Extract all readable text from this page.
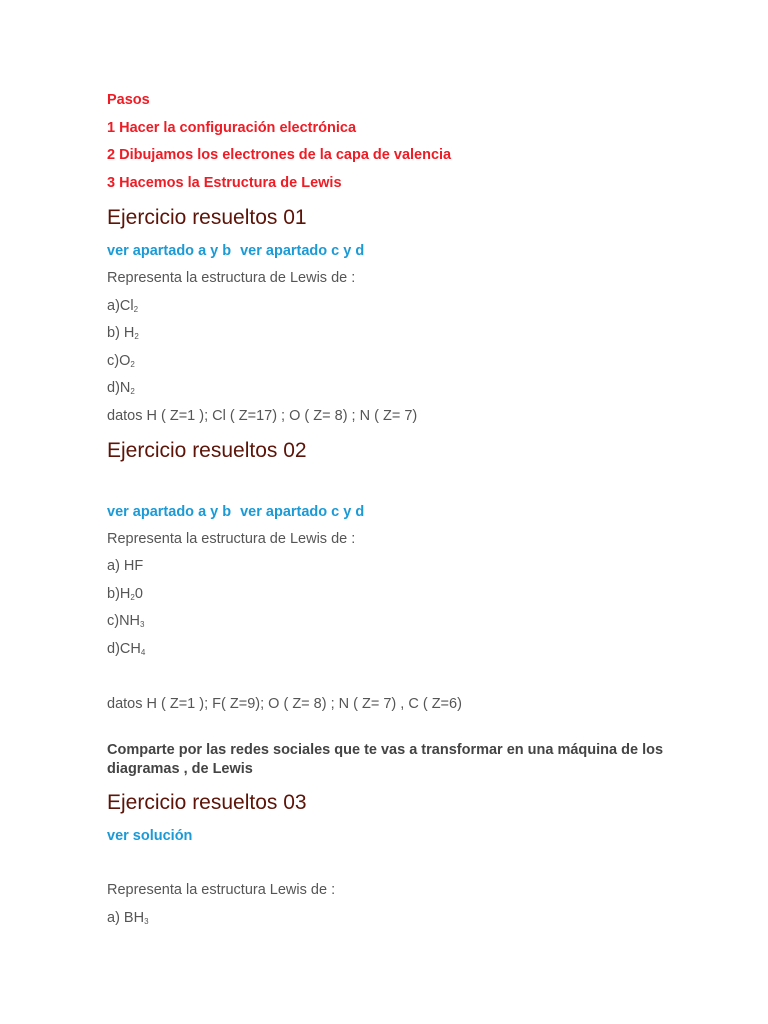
Pasos
1 Hacer la configuración electrónica
2 Dibujamos los electrones de la capa de valencia
3 Hacemos la Estructura de Lewis
Ejercicio resueltos 01
ver apartado a y b ver apartado c y d
Representa la estructura de Lewis de :
$a)Cl_2$
b) $H_2$
$c)O_2$
$d)N_2$
datos H ( Z=1 ); Cl ( Z=17) ; O ( Z= 8) ; N ( Z= 7)
Ejercicio resueltos 02
ver apartado a y b ver apartado c y d
Representa la estructura de Lewis de :
a) HF
$b)H_20$
$c)NH_3$
$d)CH_4$
datos H ( Z=1 ); F( Z=9); O ( Z= 8) ; N ( Z= 7) , C ( Z=6)
Comparte por las redes sociales que te vas a transformar en una máquina de los diagramas , de Lewis
Ejercicio resueltos 03
ver solución
Representa la estructura Lewis de :
a) $BH_3$
